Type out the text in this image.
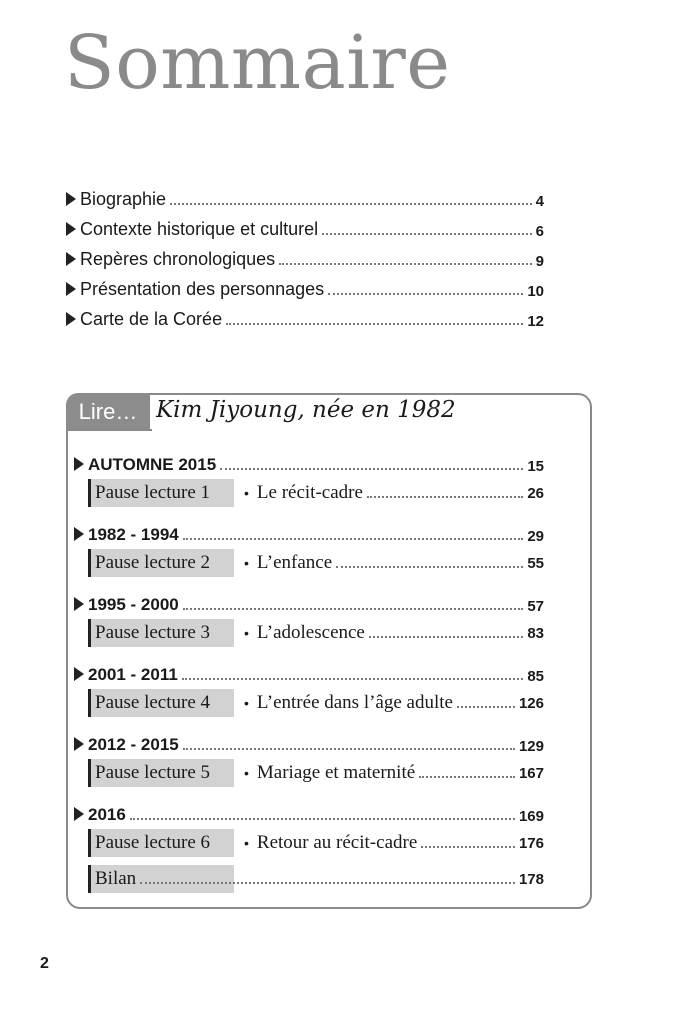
Sommaire
Biographie	4
Contexte historique et culturel	6
Repères chronologiques	9
Présentation des personnages	10
Carte de la Corée	12
Lire… Kim Jiyoung, née en 1982
AUTOMNE 2015	15
Pause lecture 1	• Le récit-cadre	26
1982 - 1994	29
Pause lecture 2	• L’enfance	55
1995 - 2000	57
Pause lecture 3	• L’adolescence	83
2001 - 2011	85
Pause lecture 4	• L’entrée dans l’âge adulte	126
2012 - 2015	129
Pause lecture 5	• Mariage et maternité	167
2016	169
Pause lecture 6	• Retour au récit-cadre	176
Bilan	178
2
